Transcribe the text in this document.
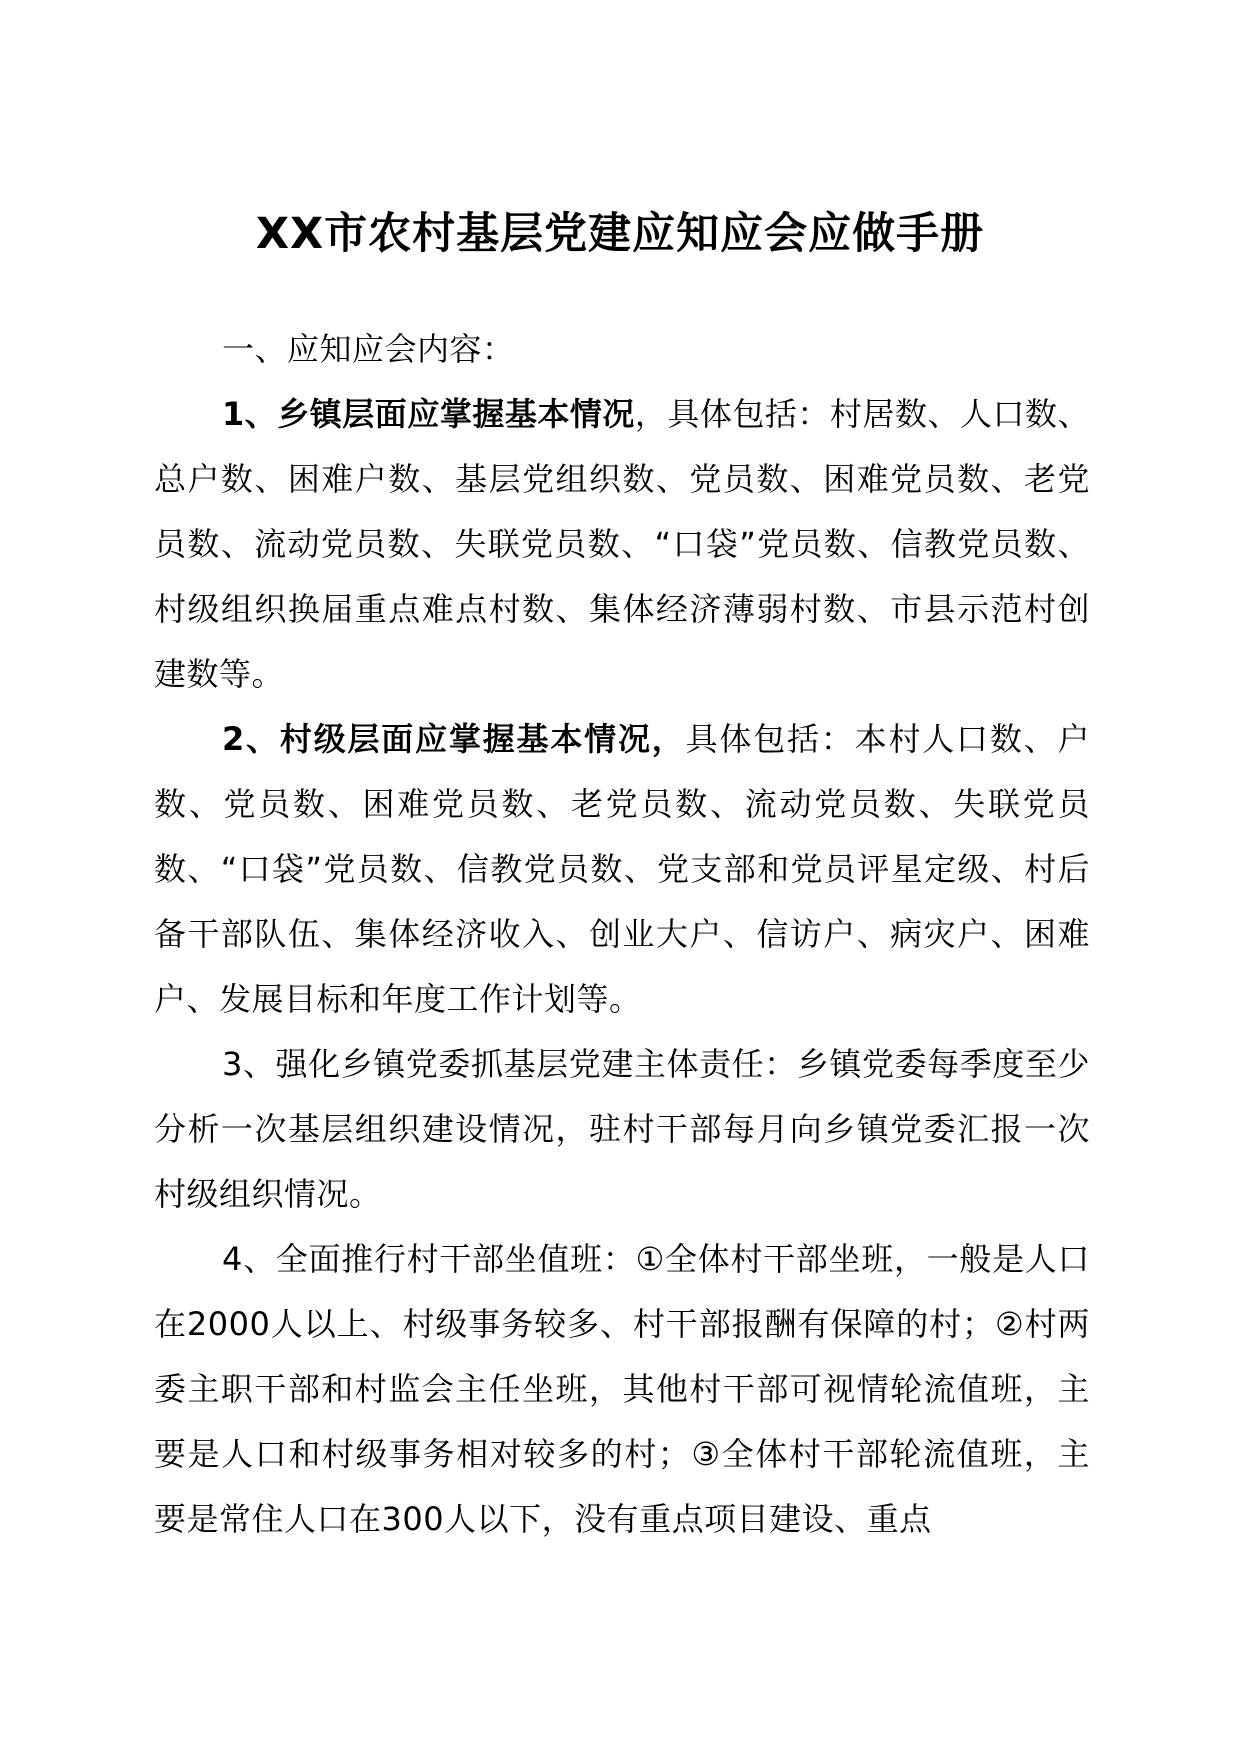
XX市农村基层党建应知应会应做手册

一、应知应会内容：

1、乡镇层面应掌握基本情况，具体包括：村居数、人口数、总户数、困难户数、基层党组织数、党员数、困难党员数、老党员数、流动党员数、失联党员数、“口袋”党员数、信教党员数、村级组织换届重点难点村数、集体经济薄弱村数、市县示范村创建数等。

2、村级层面应掌握基本情况，具体包括：本村人口数、户数、党员数、困难党员数、老党员数、流动党员数、失联党员数、“口袋”党员数、信教党员数、党支部和党员评星定级、村后备干部队伍、集体经济收入、创业大户、信访户、病灾户、困难户、发展目标和年度工作计划等。

3、强化乡镇党委抓基层党建主体责任：乡镇党委每季度至少分析一次基层组织建设情况，驻村干部每月向乡镇党委汇报一次村级组织情况。

4、全面推行村干部坐值班：①全体村干部坐班，一般是人口在2000人以上、村级事务较多、村干部报酬有保障的村；②村两委主职干部和村监会主任坐班，其他村干部可视情轮流值班，主要是人口和村级事务相对较多的村；③全体村干部轮流值班，主要是常住人口在300人以下，没有重点项目建设、重点
